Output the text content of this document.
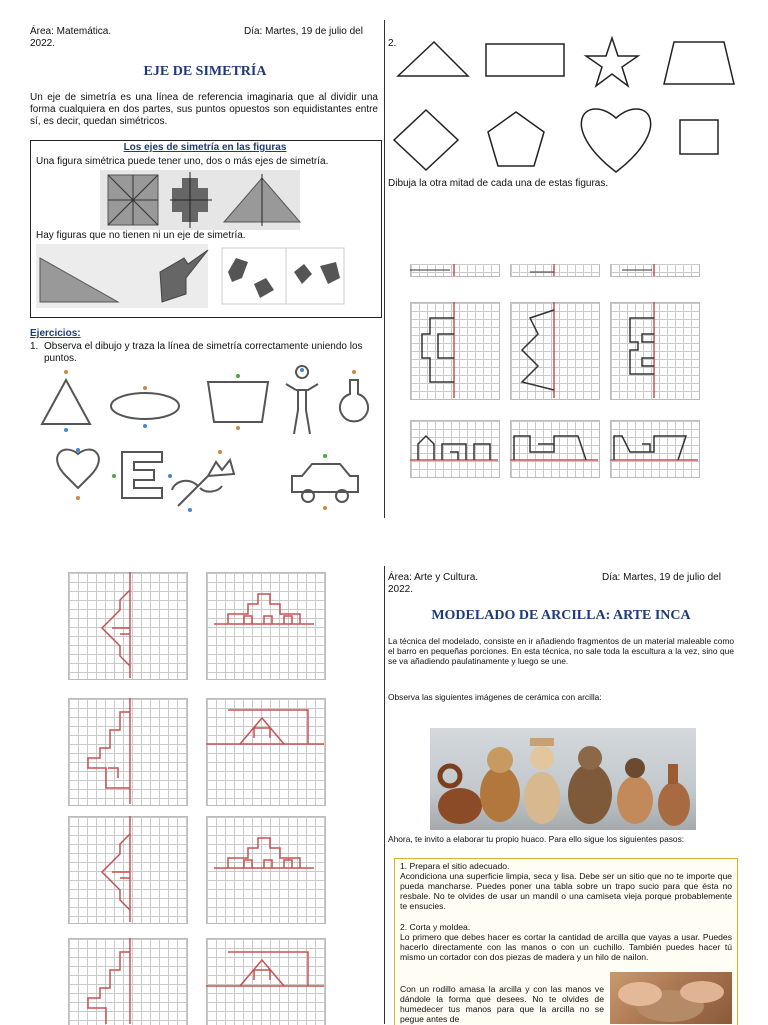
Área: Matemática.	Día: Martes, 19 de julio del
2022.
EJE DE SIMETRÍA
Un eje de simetría es una línea de referencia imaginaria que al dividir una forma cualquiera en dos partes, sus puntos opuestos son equidistantes entre sí, es decir, quedan simétricos.
Los ejes de simetría en las figuras
Una figura simétrica puede tener uno, dos o más ejes de simetría.
Hay figuras que no tienen ni un eje de simetría.
Ejercicios:
1. Observa el dibujo y traza la línea de simetría correctamente uniendo los puntos.
2.
Dibuja la otra mitad de cada una de estas figuras.
Área: Arte y Cultura.	Día: Martes, 19 de julio del
2022.
MODELADO DE ARCILLA: ARTE INCA
La técnica del modelado, consiste en ir añadiendo fragmentos de un material maleable como el barro en pequeñas porciones. En esta técnica, no sale toda la escultura a la vez, sino que se va añadiendo paulatinamente y luego se une.
Observa las siguientes imágenes de cerámica con arcilla:
Ahora, te invito a elaborar tu propio huaco. Para ello sigue los siguientes pasos:
1. Prepara el sitio adecuado.
Acondiciona una superficie limpia, seca y lisa. Debe ser un sitio que no te importe que pueda mancharse. Puedes poner una tabla sobre un trapo sucio para que ésta no resbale. No te olvides de usar un mandil o una camiseta vieja porque probablemente te ensucies.
2. Corta y moldea.
Lo primero que debes hacer es cortar la cantidad de arcilla que vayas a usar. Puedes hacerlo directamente con las manos o con un cuchillo. También puedes hacer tú mismo un cortador con dos piezas de madera y un hilo de nailon.
Con un rodillo amasa la arcilla y con las manos ve dándole la forma que desees. No te olvides de humedecer tus manos para que la arcilla no se pegue antes de
